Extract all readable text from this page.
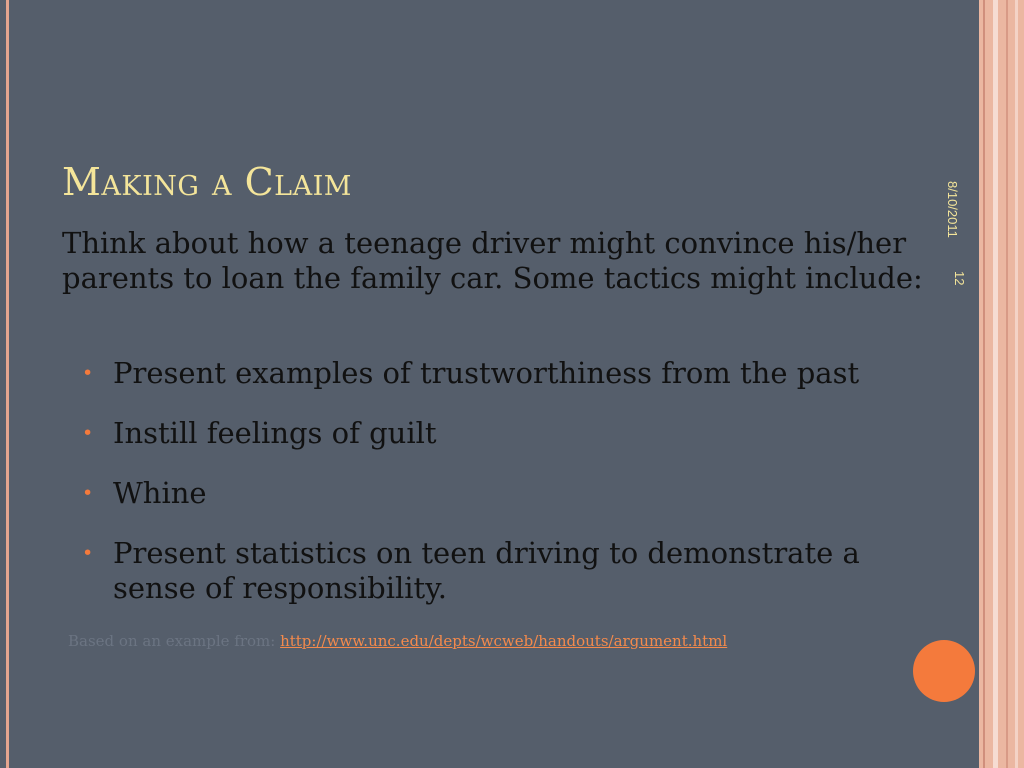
Making a Claim

Think about how a teenage driver might convince his/her parents to loan the family car. Some tactics might include:

• Present examples of trustworthiness from the past
• Instill feelings of guilt
• Whine
• Present statistics on teen driving to demonstrate a sense of responsibility.
Based on an example from: http://www.unc.edu/depts/wcweb/handouts/argument.html
8/10/2011
12
